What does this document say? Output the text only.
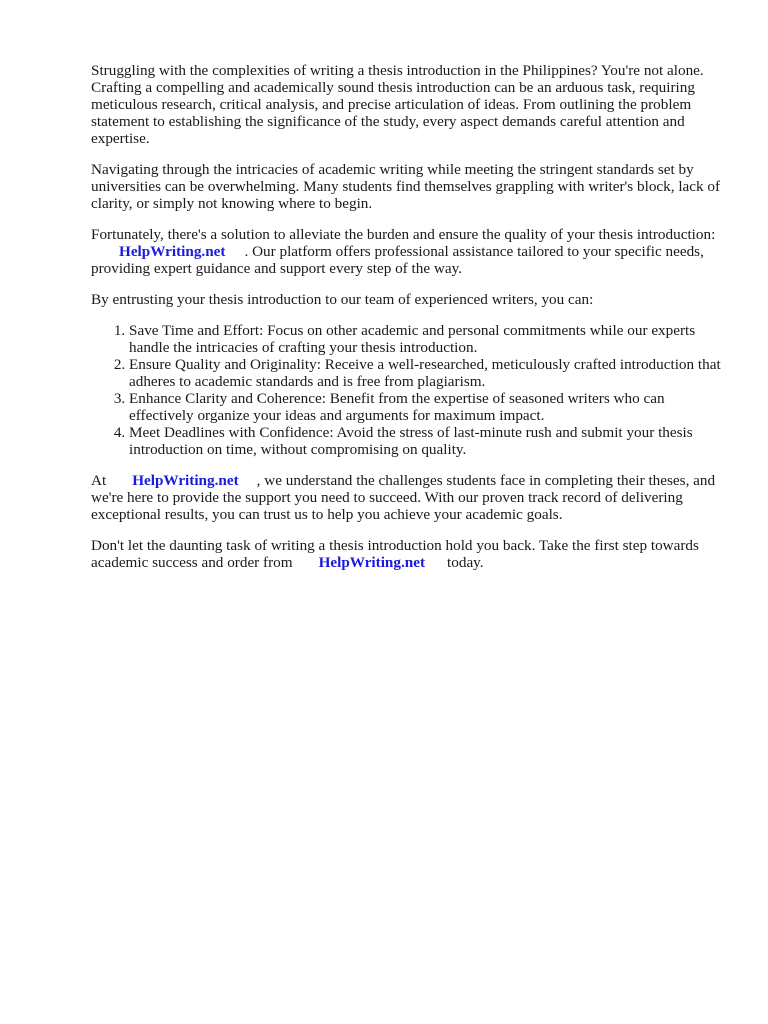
Struggling with the complexities of writing a thesis introduction in the Philippines? You're not alone. Crafting a compelling and academically sound thesis introduction can be an arduous task, requiring meticulous research, critical analysis, and precise articulation of ideas. From outlining the problem statement to establishing the significance of the study, every aspect demands careful attention and expertise.

Navigating through the intricacies of academic writing while meeting the stringent standards set by universities can be overwhelming. Many students find themselves grappling with writer's block, lack of clarity, or simply not knowing where to begin.

Fortunately, there's a solution to alleviate the burden and ensure the quality of your thesis introduction:HelpWriting.net . Our platform offers professional assistance tailored to your specific needs, providing expert guidance and support every step of the way.

By entrusting your thesis introduction to our team of experienced writers, you can:

1. Save Time and Effort: Focus on other academic and personal commitments while our experts handle the intricacies of crafting your thesis introduction.
2. Ensure Quality and Originality: Receive a well-researched, meticulously crafted introduction that adheres to academic standards and is free from plagiarism.
3. Enhance Clarity and Coherence: Benefit from the expertise of seasoned writers who can effectively organize your ideas and arguments for maximum impact.
4. Meet Deadlines with Confidence: Avoid the stress of last-minute rush and submit your thesis introduction on time, without compromising on quality.

At HelpWriting.net , we understand the challenges students face in completing their theses, and we're here to provide the support you need to succeed. With our proven track record of delivering exceptional results, you can trust us to help you achieve your academic goals.

Don't let the daunting task of writing a thesis introduction hold you back. Take the first step towards academic success and order from HelpWriting.net today.
